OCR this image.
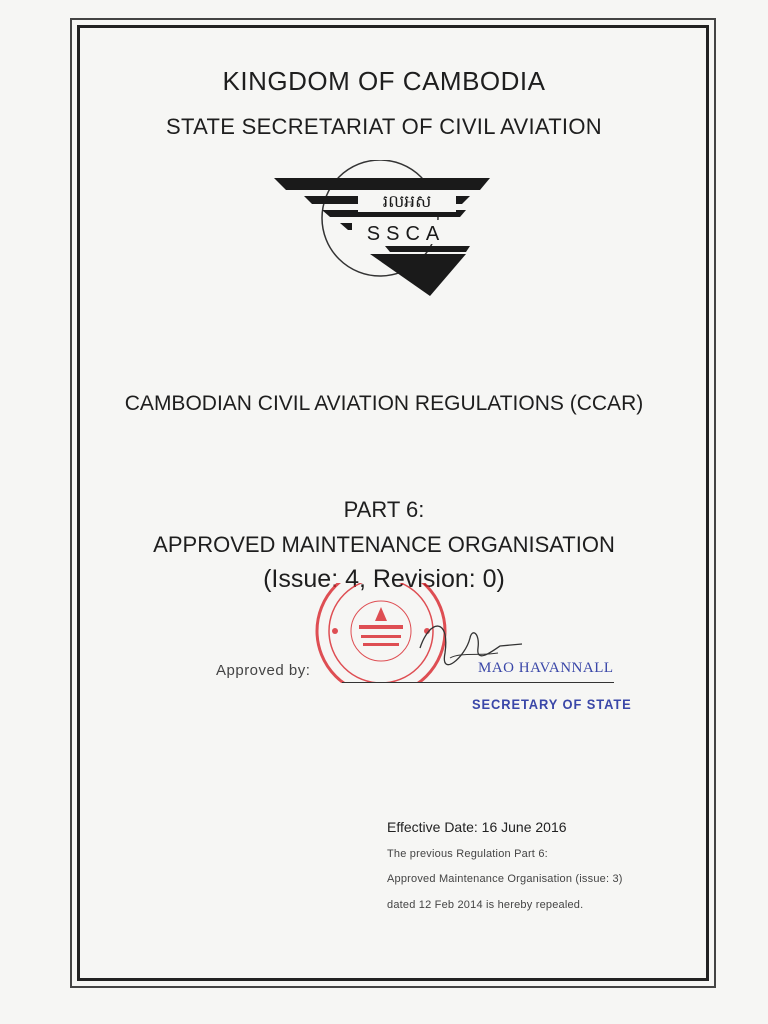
KINGDOM OF CAMBODIA
STATE SECRETARIAT OF CIVIL AVIATION
រលអស
SSCA
CAMBODIAN CIVIL AVIATION REGULATIONS (CCAR)
PART 6:
APPROVED MAINTENANCE ORGANISATION
(Issue: 4, Revision: 0)
Approved by:	MAO HAVANNALL
SECRETARY OF STATE
Effective Date: 16 June 2016
The previous Regulation Part 6:
Approved Maintenance Organisation (issue: 3)
dated 12 Feb 2014 is hereby repealed.
